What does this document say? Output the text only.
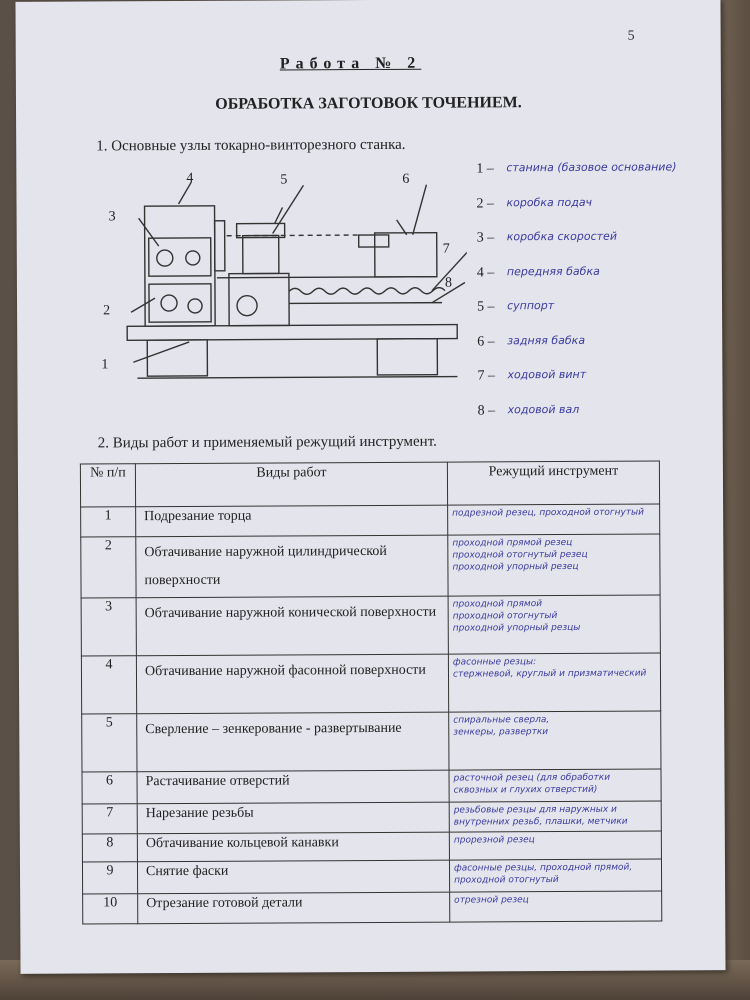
5
Работа № 2
ОБРАБОТКА ЗАГОТОВОК ТОЧЕНИЕМ.
1. Основные узлы токарно-винторезного станка.
4	5	6
3
7
8
2
1
1 –	станина (базовое основание)
2 –	коробка подач
3 –	коробка скоростей
4 –	передняя бабка
5 –	суппорт
6 –	задняя бабка
7 –	ходовой винт
8 –	ходовой вал
2. Виды работ и применяемый режущий инструмент.
№ п/п	Виды работ	Режущий инструмент
1	Подрезание торца	подрезной резец, проходной отогнутый
2	Обтачивание наружной цилиндрической поверхности	проходной прямой резец
проходной отогнутый резец
проходной упорный резец
3	Обтачивание наружной конической поверхности	проходной прямой
проходной отогнутый
проходной упорный резцы
4	Обтачивание наружной фасонной поверхности	фасонные резцы:
стержневой, круглый и призматический
5	Сверление – зенкерование - развертывание	спиральные сверла,
зенкеры, развертки
6	Растачивание отверстий	расточной резец (для обработки сквозных и глухих отверстий)
7	Нарезание резьбы	резьбовые резцы для наружных и внутренних резьб, плашки, метчики
8	Обтачивание кольцевой канавки	прорезной резец
9	Снятие фаски	фасонные резцы, проходной прямой, проходной отогнутый
10	Отрезание готовой детали	отрезной резец
